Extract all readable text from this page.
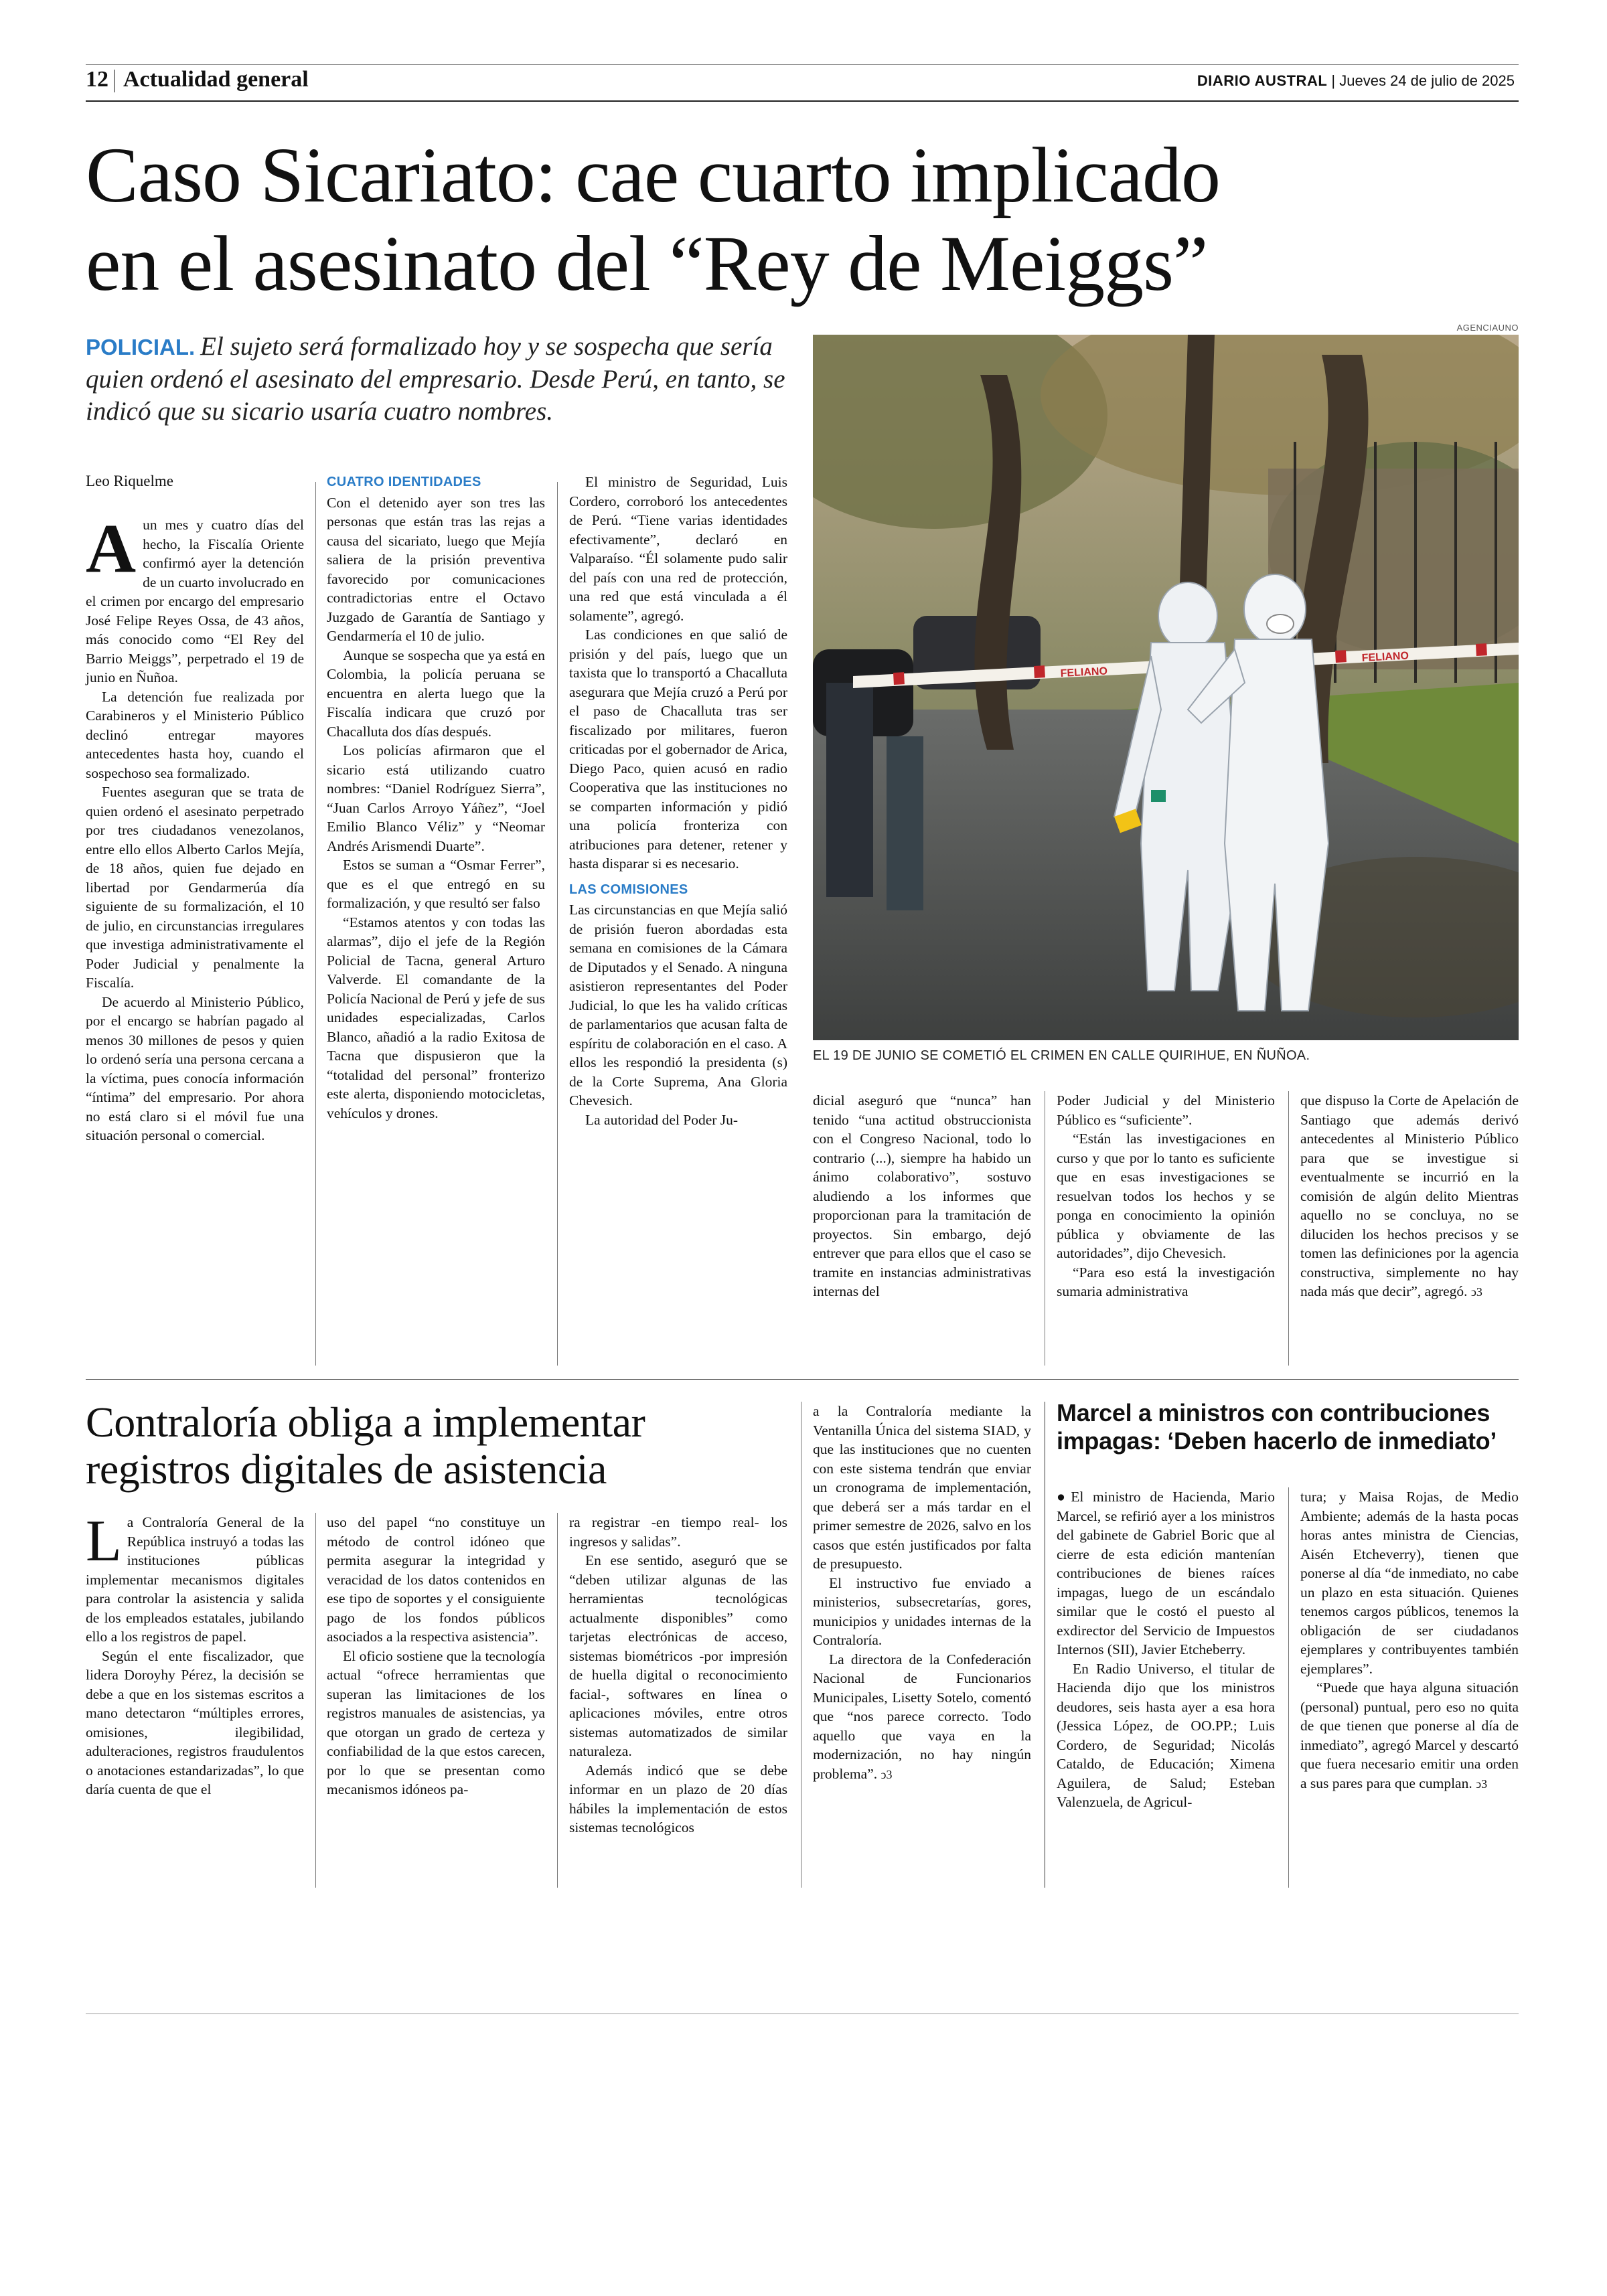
12 Actualidad general	DIARIO AUSTRAL | Jueves 24 de julio de 2025
Caso Sicariato: cae cuarto implicado
en el asesinato del “Rey de Meiggs”
POLICIAL. El sujeto será formalizado hoy y se sospecha que sería quien ordenó el asesinato del empresario. Desde Perú, en tanto, se indicó que su sicario usaría cuatro nombres.
Leo Riquelme
AGENCIAUNO
FELIANO
FELIANO
EL 19 DE JUNIO SE COMETIÓ EL CRIMEN EN CALLE QUIRIHUE, EN ÑUÑOA.

Aun mes y cuatro días del hecho, la Fiscalía Oriente confirmó ayer la detención de un cuarto involucrado en el crimen por encargo del empresario José Felipe Reyes Ossa, de 43 años, más conocido como “El Rey del Barrio Meiggs”, perpetrado el 19 de junio en Ñuñoa.

La detención fue realizada por Carabineros y el Ministerio Público declinó entregar mayores antecedentes hasta hoy, cuando el sospechoso sea formalizado.

Fuentes aseguran que se trata de quien ordenó el asesinato perpetrado por tres ciudadanos venezolanos, entre ello ellos Alberto Carlos Mejía, de 18 años, quien fue dejado en libertad por Gendarmerúa día siguiente de su formalización, el 10 de julio, en circunstancias irregulares que investiga administrativamente el Poder Judicial y penalmente la Fiscalía.

De acuerdo al Ministerio Público, por el encargo se habrían pagado al menos 30 millones de pesos y quien lo ordenó sería una persona cercana a la víctima, pues conocía información “íntima” del empresario. Por ahora no está claro si el móvil fue una situación personal o comercial.

CUATRO IDENTIDADES

Con el detenido ayer son tres las personas que están tras las rejas a causa del sicariato, luego que Mejía saliera de la prisión preventiva favorecido por comunicaciones contradictorias entre el Octavo Juzgado de Garantía de Santiago y Gendarmería el 10 de julio.

Aunque se sospecha que ya está en Colombia, la policía peruana se encuentra en alerta luego que la Fiscalía indicara que cruzó por Chacalluta dos días después.

Los policías afirmaron que el sicario está utilizando cuatro nombres: “Daniel Rodríguez Sierra”, “Juan Carlos Arroyo Yáñez”, “Joel Emilio Blanco Véliz” y “Neomar Andrés Arismendi Duarte”.

Estos se suman a “Osmar Ferrer”, que es el que entregó en su formalización, y que resultó ser falso

“Estamos atentos y con todas las alarmas”, dijo el jefe de la Región Policial de Tacna, general Arturo Valverde. El comandante de la Policía Nacional de Perú y jefe de sus unidades especializadas, Carlos Blanco, añadió a la radio Exitosa de Tacna que dispusieron que la “totalidad del personal” fronterizo este alerta, disponiendo motocicletas, vehículos y drones.

El ministro de Seguridad, Luis Cordero, corroboró los antecedentes de Perú. “Tiene varias identidades efectivamente”, declaró en Valparaíso. “Él solamente pudo salir del país con una red de protección, una red que está vinculada a él solamente”, agregó.

Las condiciones en que salió de prisión y del país, luego que un taxista que lo transportó a Chacalluta asegurara que Mejía cruzó a Perú por el paso de Chacalluta tras ser fiscalizado por militares, fueron criticadas por el gobernador de Arica, Diego Paco, quien acusó en radio Cooperativa que las instituciones no se comparten información y pidió una policía fronteriza con atribuciones para detener, retener y hasta disparar si es necesario.

LAS COMISIONES

Las circunstancias en que Mejía salió de prisión fueron abordadas esta semana en comisiones de la Cámara de Diputados y el Senado. A ninguna asistieron representantes del Poder Judicial, lo que les ha valido críticas de parlamentarios que acusan falta de espíritu de colaboración en el caso. A ellos les respondió la presidenta (s) de la Corte Suprema, Ana Gloria Chevesich.

La autoridad del Poder Ju-

dicial aseguró que “nunca” han tenido “una actitud obstruccionista con el Congreso Nacional, todo lo contrario (...), siempre ha habido un ánimo colaborativo”, sostuvo aludiendo a los informes que proporcionan para la tramitación de proyectos. Sin embargo, dejó entrever que para ellos que el caso se tramite en instancias administrativas internas del

Poder Judicial y del Ministerio Público es “suficiente”.

“Están las investigaciones en curso y que por lo tanto es suficiente que en esas investigaciones se resuelvan todos los hechos y se ponga en conocimiento la opinión pública y obviamente de las autoridades”, dijo Chevesich.

“Para eso está la investigación sumaria administrativa

que dispuso la Corte de Apelación de Santiago que además derivó antecedentes al Ministerio Público para que se investigue si eventualmente se incurrió en la comisión de algún delito Mientras aquello no se concluya, no se diluciden los hechos precisos y se tomen las definiciones por la agencia constructiva, simplemente no hay nada más que decir”, agregó. ↄ3

Contraloría obliga a implementar registros digitales de asistencia

La Contraloría General de la República instruyó a todas las instituciones públicas implementar mecanismos digitales para controlar la asistencia y salida de los empleados estatales, jubilando ello a los registros de papel.

Según el ente fiscalizador, que lidera Doroyhy Pérez, la decisión se debe a que en los sistemas escritos a mano detectaron “múltiples errores, omisiones, ilegibilidad, adulteraciones, registros fraudulentos o anotaciones estandarizadas”, lo que daría cuenta de que el

uso del papel “no constituye un método de control idóneo que permita asegurar la integridad y veracidad de los datos contenidos en ese tipo de soportes y el consiguiente pago de los fondos públicos asociados a la respectiva asistencia”.

El oficio sostiene que la tecnología actual “ofrece herramientas que superan las limitaciones de los registros manuales de asistencias, ya que otorgan un grado de certeza y confiabilidad de la que estos carecen, por lo que se presentan como mecanismos idóneos pa-

ra registrar -en tiempo real- los ingresos y salidas”.

En ese sentido, aseguró que se “deben utilizar algunas de las herramientas tecnológicas actualmente disponibles” como tarjetas electrónicas de acceso, sistemas biométricos -por impresión de huella digital o reconocimiento facial-, softwares en línea o aplicaciones móviles, entre otros sistemas automatizados de similar naturaleza.

Además indicó que se debe informar en un plazo de 20 días hábiles la implementación de estos sistemas tecnológicos

a la Contraloría mediante la Ventanilla Única del sistema SIAD, y que las instituciones que no cuenten con este sistema tendrán que enviar un cronograma de implementación, que deberá ser a más tardar en el primer semestre de 2026, salvo en los casos que estén justificados por falta de presupuesto.

El instructivo fue enviado a ministerios, subsecretarías, gores, municipios y unidades internas de la Contraloría.

La directora de la Confederación Nacional de Funcionarios Municipales, Lisetty Sotelo, comentó que “nos parece correcto. Todo aquello que vaya en la modernización, no hay ningún problema”. ↄ3

Marcel a ministros con contribuciones impagas: ‘Deben hacerlo de inmediato’

●El ministro de Hacienda, Mario Marcel, se refirió ayer a los ministros del gabinete de Gabriel Boric que al cierre de esta edición mantenían contribuciones de bienes raíces impagas, luego de un escándalo similar que le costó el puesto al exdirector del Servicio de Impuestos Internos (SII), Javier Etcheberry.

En Radio Universo, el titular de Hacienda dijo que los ministros deudores, seis hasta ayer a esa hora (Jessica López, de OO.PP.; Luis Cordero, de Seguridad; Nicolás Cataldo, de Educación; Ximena Aguilera, de Salud; Esteban Valenzuela, de Agricul-

tura; y Maisa Rojas, de Medio Ambiente; además de la hasta pocas horas antes ministra de Ciencias, Aisén Etcheverry), tienen que ponerse al día “de inmediato, no cabe un plazo en esta situación. Quienes tenemos cargos públicos, tenemos la obligación de ser ciudadanos ejemplares y contribuyentes también ejemplares”.

“Puede que haya alguna situación (personal) puntual, pero eso no quita de que tienen que ponerse al día de inmediato”, agregó Marcel y descartó que fuera necesario emitir una orden a sus pares para que cumplan. ↄ3
